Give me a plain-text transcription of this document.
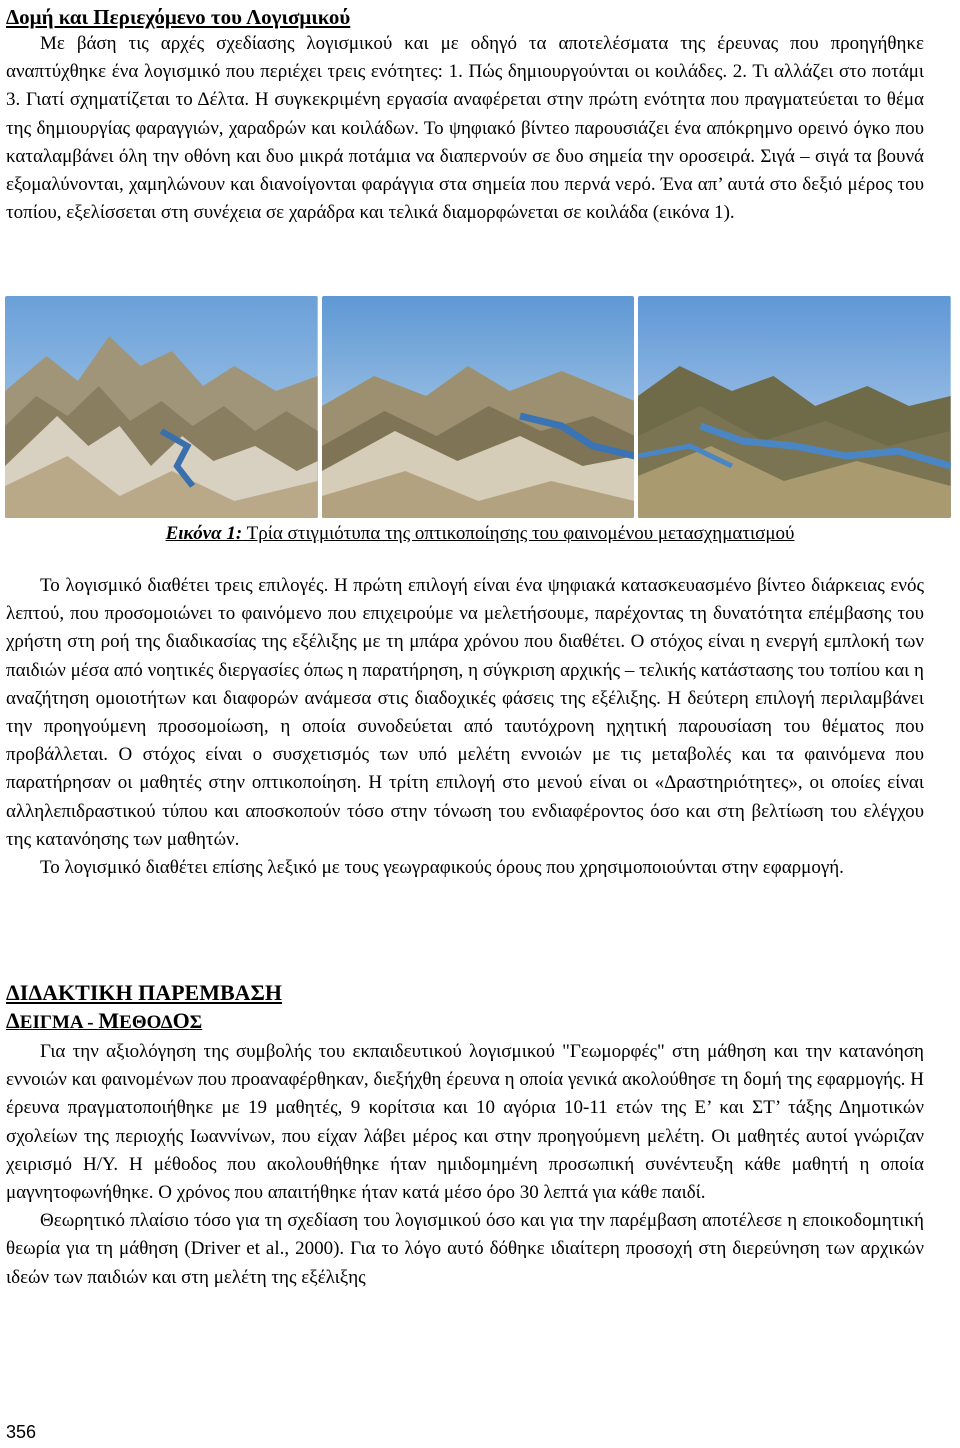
Δομή και Περιεχόμενο του Λογισμικού

Με βάση τις αρχές σχεδίασης λογισμικού και με οδηγό τα αποτελέσματα της έρευνας που προηγήθηκε αναπτύχθηκε ένα λογισμικό που περιέχει τρεις ενότητες: 1. Πώς δημιουργούνται οι κοιλάδες. 2. Τι αλλάζει στο ποτάμι 3. Γιατί σχηματίζεται το Δέλτα. Η συγκεκριμένη εργασία αναφέρεται στην πρώτη ενότητα που πραγματεύεται το θέμα της δημιουργίας φαραγγιών, χαραδρών και κοιλάδων. Το ψηφιακό βίντεο παρουσιάζει ένα απόκρημνο ορεινό όγκο που καταλαμβάνει όλη την οθόνη και δυο μικρά ποτάμια να διαπερνούν σε δυο σημεία την οροσειρά. Σιγά – σιγά τα βουνά εξομαλύνονται, χαμηλώνουν και διανοίγονται φαράγγια στα σημεία που περνά νερό. Ένα απ’ αυτά στο δεξιό μέρος του τοπίου, εξελίσσεται στη συνέχεια σε χαράδρα και τελικά διαμορφώνεται σε κοιλάδα (εικόνα 1).

Εικόνα 1: Τρία στιγμιότυπα της οπτικοποίησης του φαινομένου μετασχηματισμού

Το λογισμικό διαθέτει τρεις επιλογές. Η πρώτη επιλογή είναι ένα ψηφιακά κατασκευασμένο βίντεο διάρκειας ενός λεπτού, που προσομοιώνει το φαινόμενο που επιχειρούμε να μελετήσουμε, παρέχοντας τη δυνατότητα επέμβασης του χρήστη στη ροή της διαδικασίας της εξέλιξης με τη μπάρα χρόνου που διαθέτει. Ο στόχος είναι η ενεργή εμπλοκή των παιδιών μέσα από νοητικές διεργασίες όπως η παρατήρηση, η σύγκριση αρχικής – τελικής κατάστασης του τοπίου και η αναζήτηση ομοιοτήτων και διαφορών ανάμεσα στις διαδοχικές φάσεις της εξέλιξης. Η δεύτερη επιλογή περιλαμβάνει την προηγούμενη προσομοίωση, η οποία συνοδεύεται από ταυτόχρονη ηχητική παρουσίαση του θέματος που προβάλλεται. Ο στόχος είναι ο συσχετισμός των υπό μελέτη εννοιών με τις μεταβολές και τα φαινόμενα που παρατήρησαν οι μαθητές στην οπτικοποίηση. Η τρίτη επιλογή στο μενού είναι οι «Δραστηριότητες», οι οποίες είναι αλληλεπιδραστικού τύπου και αποσκοπούν τόσο στην τόνωση του ενδιαφέροντος όσο και στη βελτίωση του ελέγχου της κατανόησης των μαθητών.

Το λογισμικό διαθέτει επίσης λεξικό με τους γεωγραφικούς όρους που χρησιμοποιούνται στην εφαρμογή.

ΔΙΔΑΚΤΙΚΗ ΠΑΡΕΜΒΑΣΗ
ΔΕΙΓΜΑ - ΜΕΘΟΔΟΣ

Για την αξιολόγηση της συμβολής του εκπαιδευτικού λογισμικού "Γεωμορφές" στη μάθηση και την κατανόηση εννοιών και φαινομένων που προαναφέρθηκαν, διεξήχθη έρευνα η οποία γενικά ακολούθησε τη δομή της εφαρμογής. Η έρευνα πραγματοποιήθηκε με 19 μαθητές, 9 κορίτσια και 10 αγόρια 10-11 ετών της Ε’ και ΣΤ’ τάξης Δημοτικών σχολείων της περιοχής Ιωαννίνων, που είχαν λάβει μέρος και στην προηγούμενη μελέτη. Οι μαθητές αυτοί γνώριζαν χειρισμό Η/Υ. Η μέθοδος που ακολουθήθηκε ήταν ημιδομημένη προσωπική συνέντευξη κάθε μαθητή η οποία μαγνητοφωνήθηκε. Ο χρόνος που απαιτήθηκε ήταν κατά μέσο όρο 30 λεπτά για κάθε παιδί.

Θεωρητικό πλαίσιο τόσο για τη σχεδίαση του λογισμικού όσο και για την παρέμβαση αποτέλεσε η εποικοδομητική θεωρία για τη μάθηση (Driver et al., 2000). Για το λόγο αυτό δόθηκε ιδιαίτερη προσοχή στη διερεύνηση των αρχικών ιδεών των παιδιών και στη μελέτη της εξέλιξης

356
